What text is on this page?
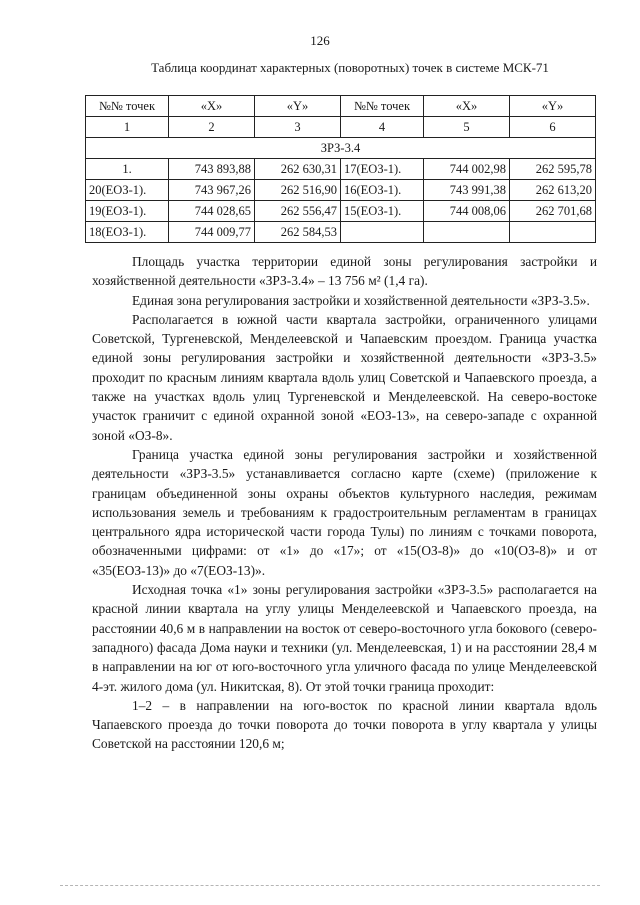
126
Таблица координат характерных (поворотных) точек в системе МСК-71
№№ точек	«X»	«Y»	№№ точек	«X»	«Y»
1	2	3	4	5	6
ЗРЗ-3.4					
1.	743 893,88	262 630,31	17(ЕОЗ-1).	744 002,98	262 595,78
20(ЕОЗ-1).	743 967,26	262 516,90	16(ЕОЗ-1).	743 991,38	262 613,20
19(ЕОЗ-1).	744 028,65	262 556,47	15(ЕОЗ-1).	744 008,06	262 701,68
18(ЕОЗ-1).	744 009,77	262 584,53			

Площадь участка территории единой зоны регулирования застройки и хозяйственной деятельности «ЗРЗ-3.4» – 13 756 м² (1,4 га).

Единая зона регулирования застройки и хозяйственной деятельности «ЗРЗ-3.5».

Располагается в южной части квартала застройки, ограниченного улицами Советской, Тургеневской, Менделеевской и Чапаевским проездом. Граница участка единой зоны регулирования застройки и хозяйственной деятельности «ЗРЗ-3.5» проходит по красным линиям квартала вдоль улиц Советской и Чапаевского проезда, а также на участках вдоль улиц Тургеневской и Менделеевской. На северо-востоке участок граничит с единой охранной зоной «ЕОЗ-13», на северо-западе с охранной зоной «ОЗ-8».

Граница участка единой зоны регулирования застройки и хозяйственной деятельности «ЗРЗ-3.5» устанавливается согласно карте (схеме) (приложение к границам объединенной зоны охраны объектов культурного наследия, режимам использования земель и требованиям к градостроительным регламентам в границах центрального ядра исторической части города Тулы) по линиям с точками поворота, обозначенными цифрами: от «1» до «17»; от «15(ОЗ-8)» до «10(ОЗ-8)» и от «35(ЕОЗ-13)» до «7(ЕОЗ-13)».

Исходная точка «1» зоны регулирования застройки «ЗРЗ-3.5» располагается на красной линии квартала на углу улицы Менделеевской и Чапаевского проезда, на расстоянии 40,6 м в направлении на восток от северо-восточного угла бокового (северо-западного) фасада Дома науки и техники (ул. Менделеевская, 1) и на расстоянии 28,4 м в направлении на юг от юго-восточного угла уличного фасада по улице Менделеевской 4-эт. жилого дома (ул. Никитская, 8). От этой точки граница проходит:

1–2 – в направлении на юго-восток по красной линии квартала вдоль Чапаевского проезда до точки поворота до точки поворота в углу квартала у улицы Советской на расстоянии 120,6 м;
